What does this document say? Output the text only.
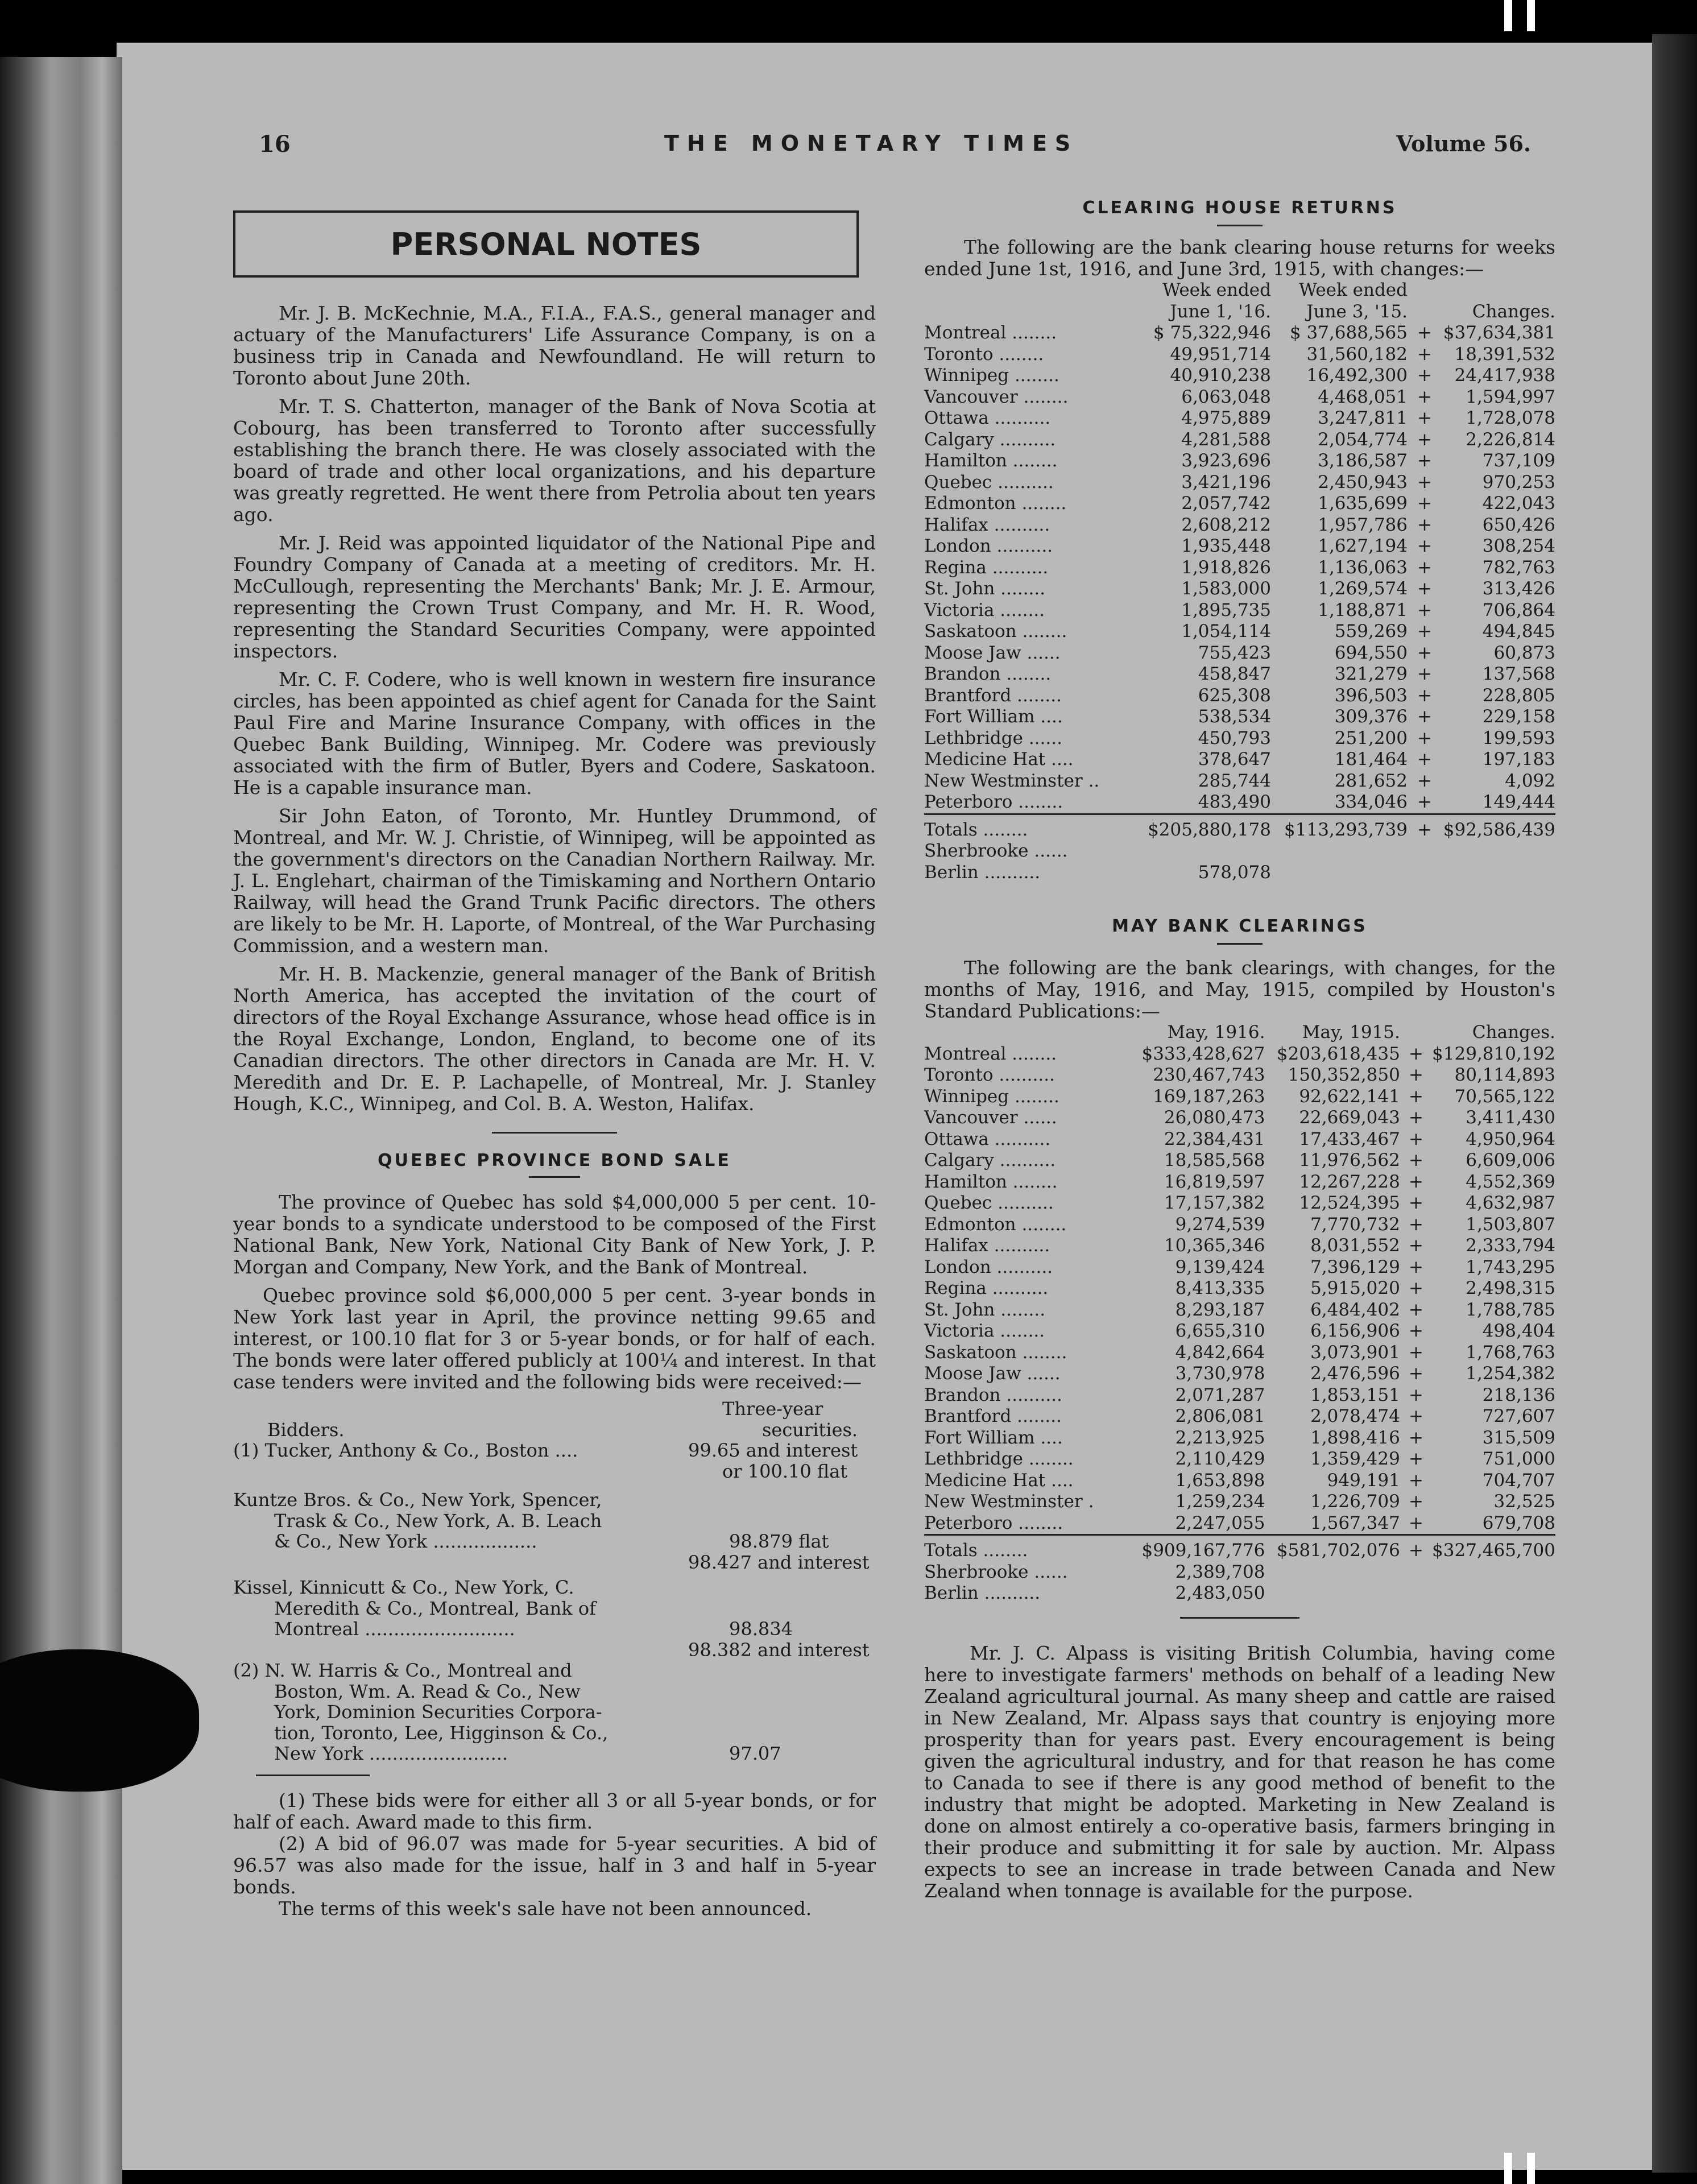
16	THE MONETARY TIMES	Volume 56.
PERSONAL NOTES

Mr. J. B. McKechnie, M.A., F.I.A., F.A.S., general manager and actuary of the Manufacturers' Life Assurance Company, is on a business trip in Canada and Newfoundland. He will return to Toronto about June 20th.

Mr. T. S. Chatterton, manager of the Bank of Nova Scotia at Cobourg, has been transferred to Toronto after successfully establishing the branch there. He was closely associated with the board of trade and other local organizations, and his departure was greatly regretted. He went there from Petrolia about ten years ago.

Mr. J. Reid was appointed liquidator of the National Pipe and Foundry Company of Canada at a meeting of creditors. Mr. H. McCullough, representing the Merchants' Bank; Mr. J. E. Armour, representing the Crown Trust Company, and Mr. H. R. Wood, representing the Standard Securities Company, were appointed inspectors.

Mr. C. F. Codere, who is well known in western fire insurance circles, has been appointed as chief agent for Canada for the Saint Paul Fire and Marine Insurance Company, with offices in the Quebec Bank Building, Winnipeg. Mr. Codere was previously associated with the firm of Butler, Byers and Codere, Saskatoon. He is a capable insurance man.

Sir John Eaton, of Toronto, Mr. Huntley Drummond, of Montreal, and Mr. W. J. Christie, of Winnipeg, will be appointed as the government's directors on the Canadian Northern Railway. Mr. J. L. Englehart, chairman of the Timiskaming and Northern Ontario Railway, will head the Grand Trunk Pacific directors. The others are likely to be Mr. H. Laporte, of Montreal, of the War Purchasing Commission, and a western man.

Mr. H. B. Mackenzie, general manager of the Bank of British North America, has accepted the invitation of the court of directors of the Royal Exchange Assurance, whose head office is in the Royal Exchange, London, England, to become one of its Canadian directors. The other directors in Canada are Mr. H. V. Meredith and Dr. E. P. Lachapelle, of Montreal, Mr. J. Stanley Hough, K.C., Winnipeg, and Col. B. A. Weston, Halifax.

QUEBEC PROVINCE BOND SALE

The province of Quebec has sold $4,000,000 5 per cent. 10-year bonds to a syndicate understood to be composed of the First National Bank, New York, National City Bank of New York, J. P. Morgan and Company, New York, and the Bank of Montreal.

Quebec province sold $6,000,000 5 per cent. 3-year bonds in New York last year in April, the province netting 99.65 and interest, or 100.10 flat for 3 or 5-year bonds, or for half of each. The bonds were later offered publicly at 100¼ and interest. In that case tenders were invited and the following bids were received:—

Three-year
Bidders.	securities.
(1) Tucker, Anthony & Co., Boston ....	99.65 and interest
or 100.10 flat
Kuntze Bros. & Co., New York, Spencer,
Trask & Co., New York, A. B. Leach
& Co., New York ..................	98.879 flat
98.427 and interest
Kissel, Kinnicutt & Co., New York, C.
Meredith & Co., Montreal, Bank of
Montreal ..........................	98.834
98.382 and interest
(2) N. W. Harris & Co., Montreal and
Boston, Wm. A. Read & Co., New
York, Dominion Securities Corpora-
tion, Toronto, Lee, Higginson & Co.,
New York ........................	97.07

(1) These bids were for either all 3 or all 5-year bonds, or for half of each. Award made to this firm.

(2) A bid of 96.07 was made for 5-year securities. A bid of 96.57 was also made for the issue, half in 3 and half in 5-year bonds.

The terms of this week's sale have not been announced.

CLEARING HOUSE RETURNS

The following are the bank clearing house returns for weeks ended June 1st, 1916, and June 3rd, 1915, with changes:—

	Week ended	Week ended		
	June 1, '16.	June 3, '15.		Changes.
Montreal ........	$ 75,322,946	$ 37,688,565	+	$37,634,381
Toronto ........	49,951,714	31,560,182	+	18,391,532
Winnipeg ........	40,910,238	16,492,300	+	24,417,938
Vancouver ........	6,063,048	4,468,051	+	1,594,997
Ottawa ..........	4,975,889	3,247,811	+	1,728,078
Calgary ..........	4,281,588	2,054,774	+	2,226,814
Hamilton ........	3,923,696	3,186,587	+	737,109
Quebec ..........	3,421,196	2,450,943	+	970,253
Edmonton ........	2,057,742	1,635,699	+	422,043
Halifax ..........	2,608,212	1,957,786	+	650,426
London ..........	1,935,448	1,627,194	+	308,254
Regina ..........	1,918,826	1,136,063	+	782,763
St. John ........	1,583,000	1,269,574	+	313,426
Victoria ........	1,895,735	1,188,871	+	706,864
Saskatoon ........	1,054,114	559,269	+	494,845
Moose Jaw ......	755,423	694,550	+	60,873
Brandon ........	458,847	321,279	+	137,568
Brantford ........	625,308	396,503	+	228,805
Fort William ....	538,534	309,376	+	229,158
Lethbridge ......	450,793	251,200	+	199,593
Medicine Hat ....	378,647	181,464	+	197,183
New Westminster ..	285,744	281,652	+	4,092
Peterboro ........	483,490	334,046	+	149,444
Totals ........	$205,880,178	$113,293,739	+	$92,586,439
Sherbrooke ......				
Berlin ..........	578,078			

MAY BANK CLEARINGS

The following are the bank clearings, with changes, for the months of May, 1916, and May, 1915, compiled by Houston's Standard Publications:—

	May, 1916.	May, 1915.		Changes.
Montreal ........	$333,428,627	$203,618,435	+	$129,810,192
Toronto ..........	230,467,743	150,352,850	+	80,114,893
Winnipeg ........	169,187,263	92,622,141	+	70,565,122
Vancouver ......	26,080,473	22,669,043	+	3,411,430
Ottawa ..........	22,384,431	17,433,467	+	4,950,964
Calgary ..........	18,585,568	11,976,562	+	6,609,006
Hamilton ........	16,819,597	12,267,228	+	4,552,369
Quebec ..........	17,157,382	12,524,395	+	4,632,987
Edmonton ........	9,274,539	7,770,732	+	1,503,807
Halifax ..........	10,365,346	8,031,552	+	2,333,794
London ..........	9,139,424	7,396,129	+	1,743,295
Regina ..........	8,413,335	5,915,020	+	2,498,315
St. John ........	8,293,187	6,484,402	+	1,788,785
Victoria ........	6,655,310	6,156,906	+	498,404
Saskatoon ........	4,842,664	3,073,901	+	1,768,763
Moose Jaw ......	3,730,978	2,476,596	+	1,254,382
Brandon ..........	2,071,287	1,853,151	+	218,136
Brantford ........	2,806,081	2,078,474	+	727,607
Fort William ....	2,213,925	1,898,416	+	315,509
Lethbridge ........	2,110,429	1,359,429	+	751,000
Medicine Hat ....	1,653,898	949,191	+	704,707
New Westminster .	1,259,234	1,226,709	+	32,525
Peterboro ........	2,247,055	1,567,347	+	679,708
Totals ........	$909,167,776	$581,702,076	+	$327,465,700
Sherbrooke ......	2,389,708			
Berlin ..........	2,483,050			

Mr. J. C. Alpass is visiting British Columbia, having come here to investigate farmers' methods on behalf of a leading New Zealand agricultural journal. As many sheep and cattle are raised in New Zealand, Mr. Alpass says that country is enjoying more prosperity than for years past. Every encouragement is being given the agricultural industry, and for that reason he has come to Canada to see if there is any good method of benefit to the industry that might be adopted. Marketing in New Zealand is done on almost entirely a co-operative basis, farmers bringing in their produce and submitting it for sale by auction. Mr. Alpass expects to see an increase in trade between Canada and New Zealand when tonnage is available for the purpose.
